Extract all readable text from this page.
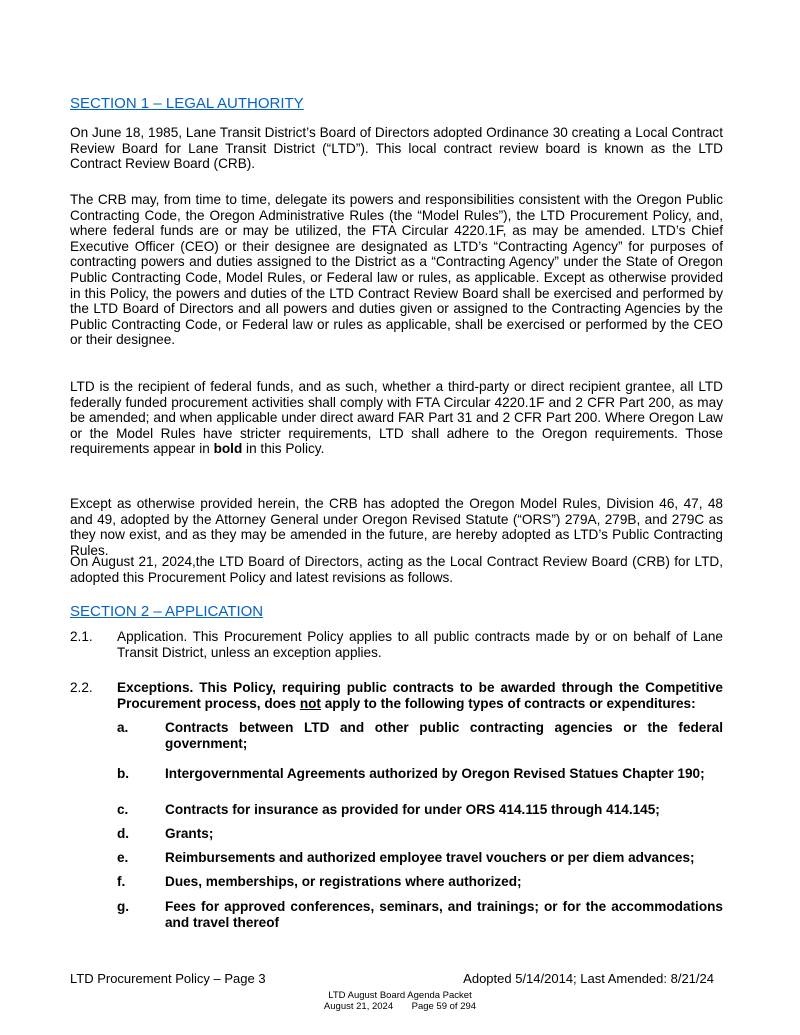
SECTION 1 – LEGAL AUTHORITY
On June 18, 1985, Lane Transit District’s Board of Directors adopted Ordinance 30 creating a Local Contract Review Board for Lane Transit District (“LTD”). This local contract review board is known as the LTD Contract Review Board (CRB).
The CRB may, from time to time, delegate its powers and responsibilities consistent with the Oregon Public Contracting Code, the Oregon Administrative Rules (the “Model Rules”), the LTD Procurement Policy, and, where federal funds are or may be utilized, the FTA Circular 4220.1F, as may be amended. LTD’s Chief Executive Officer (CEO) or their designee are designated as LTD’s “Contracting Agency” for purposes of contracting powers and duties assigned to the District as a “Contracting Agency” under the State of Oregon Public Contracting Code, Model Rules, or Federal law or rules, as applicable. Except as otherwise provided in this Policy, the powers and duties of the LTD Contract Review Board shall be exercised and performed by the LTD Board of Directors and all powers and duties given or assigned to the Contracting Agencies by the Public Contracting Code, or Federal law or rules as applicable, shall be exercised or performed by the CEO or their designee.
LTD is the recipient of federal funds, and as such, whether a third-party or direct recipient grantee, all LTD federally funded procurement activities shall comply with FTA Circular 4220.1F and 2 CFR Part 200, as may be amended; and when applicable under direct award FAR Part 31 and 2 CFR Part 200. Where Oregon Law or the Model Rules have stricter requirements, LTD shall adhere to the Oregon requirements. Those requirements appear in bold in this Policy.
Except as otherwise provided herein, the CRB has adopted the Oregon Model Rules, Division 46, 47, 48 and 49, adopted by the Attorney General under Oregon Revised Statute (“ORS”) 279A, 279B, and 279C as they now exist, and as they may be amended in the future, are hereby adopted as LTD’s Public Contracting Rules.
On August 21, 2024,the LTD Board of Directors, acting as the Local Contract Review Board (CRB) for LTD, adopted this Procurement Policy and latest revisions as follows.
SECTION 2 – APPLICATION
2.1. Application. This Procurement Policy applies to all public contracts made by or on behalf of Lane Transit District, unless an exception applies.
2.2. Exceptions. This Policy, requiring public contracts to be awarded through the Competitive Procurement process, does not apply to the following types of contracts or expenditures:
a.	Contracts between LTD and other public contracting agencies or the federal government;
b.	Intergovernmental Agreements authorized by Oregon Revised Statues Chapter 190;
c.	Contracts for insurance as provided for under ORS 414.115 through 414.145;
d.	Grants;
e.	Reimbursements and authorized employee travel vouchers or per diem advances;
f.	Dues, memberships, or registrations where authorized;
g.	Fees for approved conferences, seminars, and trainings; or for the accommodations and travel thereof
LTD Procurement Policy – Page 3	Adopted 5/14/2014; Last Amended: 8/21/24
LTD August Board Agenda Packet
August 21, 2024 Page 59 of 294
